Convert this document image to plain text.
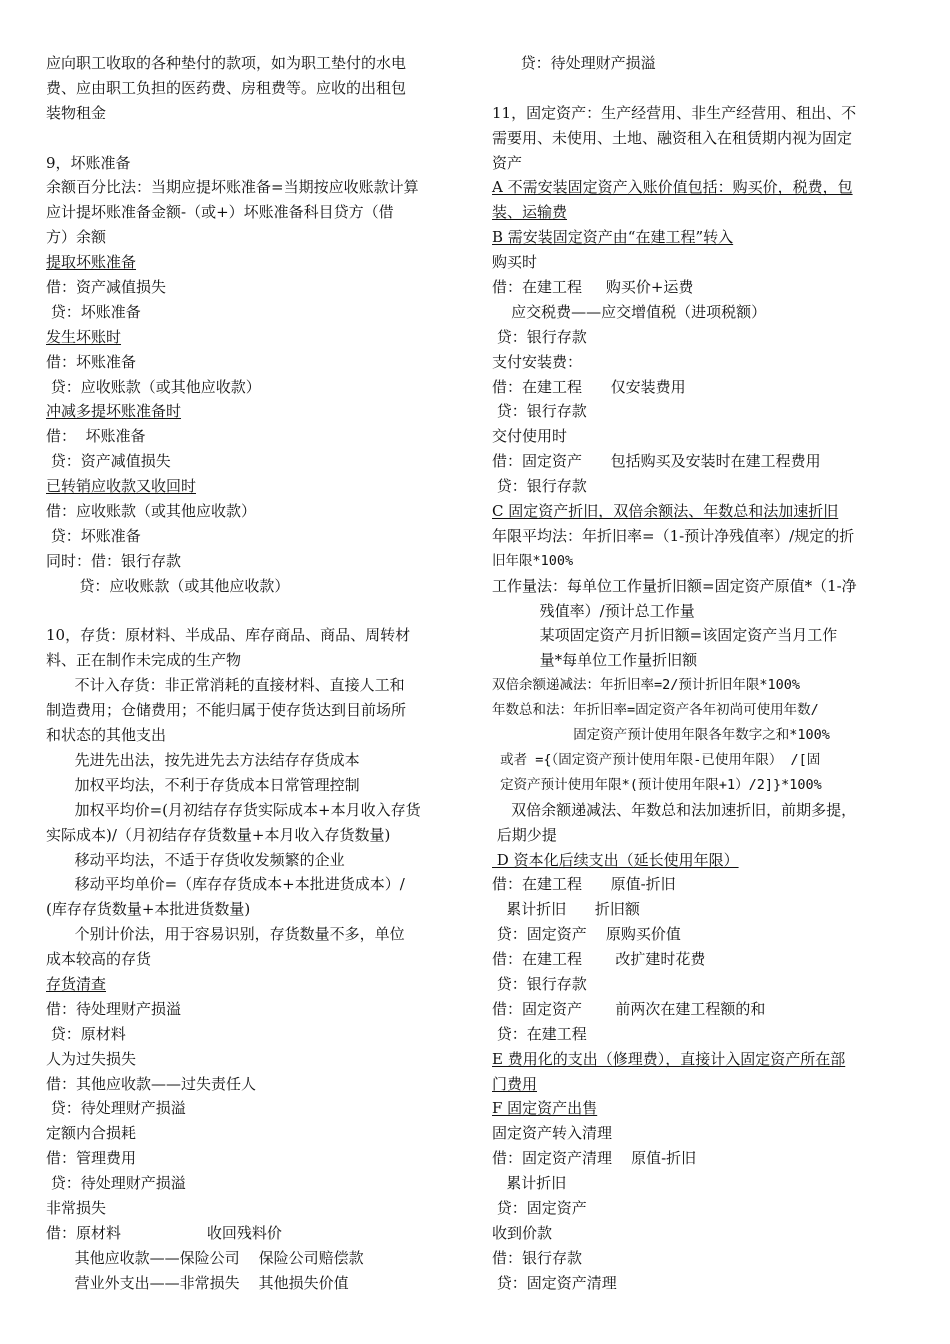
应向职工收取的各种垫付的款项，如为职工垫付的水电
费、应由职工负担的医药费、房租费等。应收的出租包
装物租金
9，坏账准备
余额百分比法：当期应提坏账准备=当期按应收账款计算
应计提坏账准备金额-（或+）坏账准备科目贷方（借
方）余额
提取坏账准备
借：资产减值损失
贷：坏账准备
发生坏账时
借：坏账准备
贷：应收账款（或其他应收款）
冲减多提坏账准备时
借：  坏账准备
贷：资产减值损失
已转销应收款又收回时
借：应收账款（或其他应收款）
贷：坏账准备
同时：借：银行存款
贷：应收账款（或其他应收款）
10，存货：原材料、半成品、库存商品、商品、周转材
料、正在制作未完成的生产物
不计入存货：非正常消耗的直接材料、直接人工和
制造费用；仓储费用；不能归属于使存货达到目前场所
和状态的其他支出
先进先出法，按先进先去方法结存存货成本
加权平均法，不利于存货成本日常管理控制
加权平均价=(月初结存存货实际成本+本月收入存货
实际成本)/（月初结存存货数量+本月收入存货数量)
移动平均法，不适于存货收发频繁的企业
移动平均单价=（库存存货成本+本批进货成本）/
(库存存货数量+本批进货数量)
个别计价法，用于容易识别，存货数量不多，单位
成本较高的存货
存货清查
借：待处理财产损溢
贷：原材料
人为过失损失
借：其他应收款——过失责任人
贷：待处理财产损溢
定额内合损耗
借：管理费用
贷：待处理财产损溢
非常损失
借：原材料                  收回残料价
其他应收款——保险公司    保险公司赔偿款
营业外支出——非常损失    其他损失价值
贷：待处理财产损溢
11，固定资产：生产经营用、非生产经营用、租出、不
需要用、未使用、土地、融资租入在租赁期内视为固定
资产
A 不需安装固定资产入账价值包括：购买价，税费，包
装、运输费
B 需安装固定资产由“在建工程”转入
购买时
借：在建工程     购买价+运费
应交税费——应交增值税（进项税额）
贷：银行存款
支付安装费：
借：在建工程      仅安装费用
贷：银行存款
交付使用时
借：固定资产      包括购买及安装时在建工程费用
贷：银行存款
C 固定资产折旧，双倍余额法、年数总和法加速折旧
年限平均法：年折旧率=（1-预计净残值率）/规定的折
旧年限*100%
工作量法：每单位工作量折旧额=固定资产原值*（1-净
残值率）/预计总工作量
某项固定资产月折旧额=该固定资产当月工作
量*每单位工作量折旧额
双倍余额递减法：年折旧率=2/预计折旧年限*100%
年数总和法：年折旧率=固定资产各年初尚可使用年数/
固定资产预计使用年限各年数字之和*100%
或者 ={（固定资产预计使用年限-已使用年限） /[固
定资产预计使用年限*(预计使用年限+1）/2]}*100%
双倍余额递减法、年数总和法加速折旧，前期多提，
后期少提
D 资本化后续支出（延长使用年限）
借：在建工程      原值-折旧
累计折旧      折旧额
贷：固定资产    原购买价值
借：在建工程       改扩建时花费
贷：银行存款
借：固定资产       前两次在建工程额的和
贷：在建工程
E 费用化的支出（修理费），直接计入固定资产所在部
门费用
F 固定资产出售
固定资产转入清理
借：固定资产清理    原值-折旧
累计折旧
贷：固定资产
收到价款
借：银行存款
贷：固定资产清理
